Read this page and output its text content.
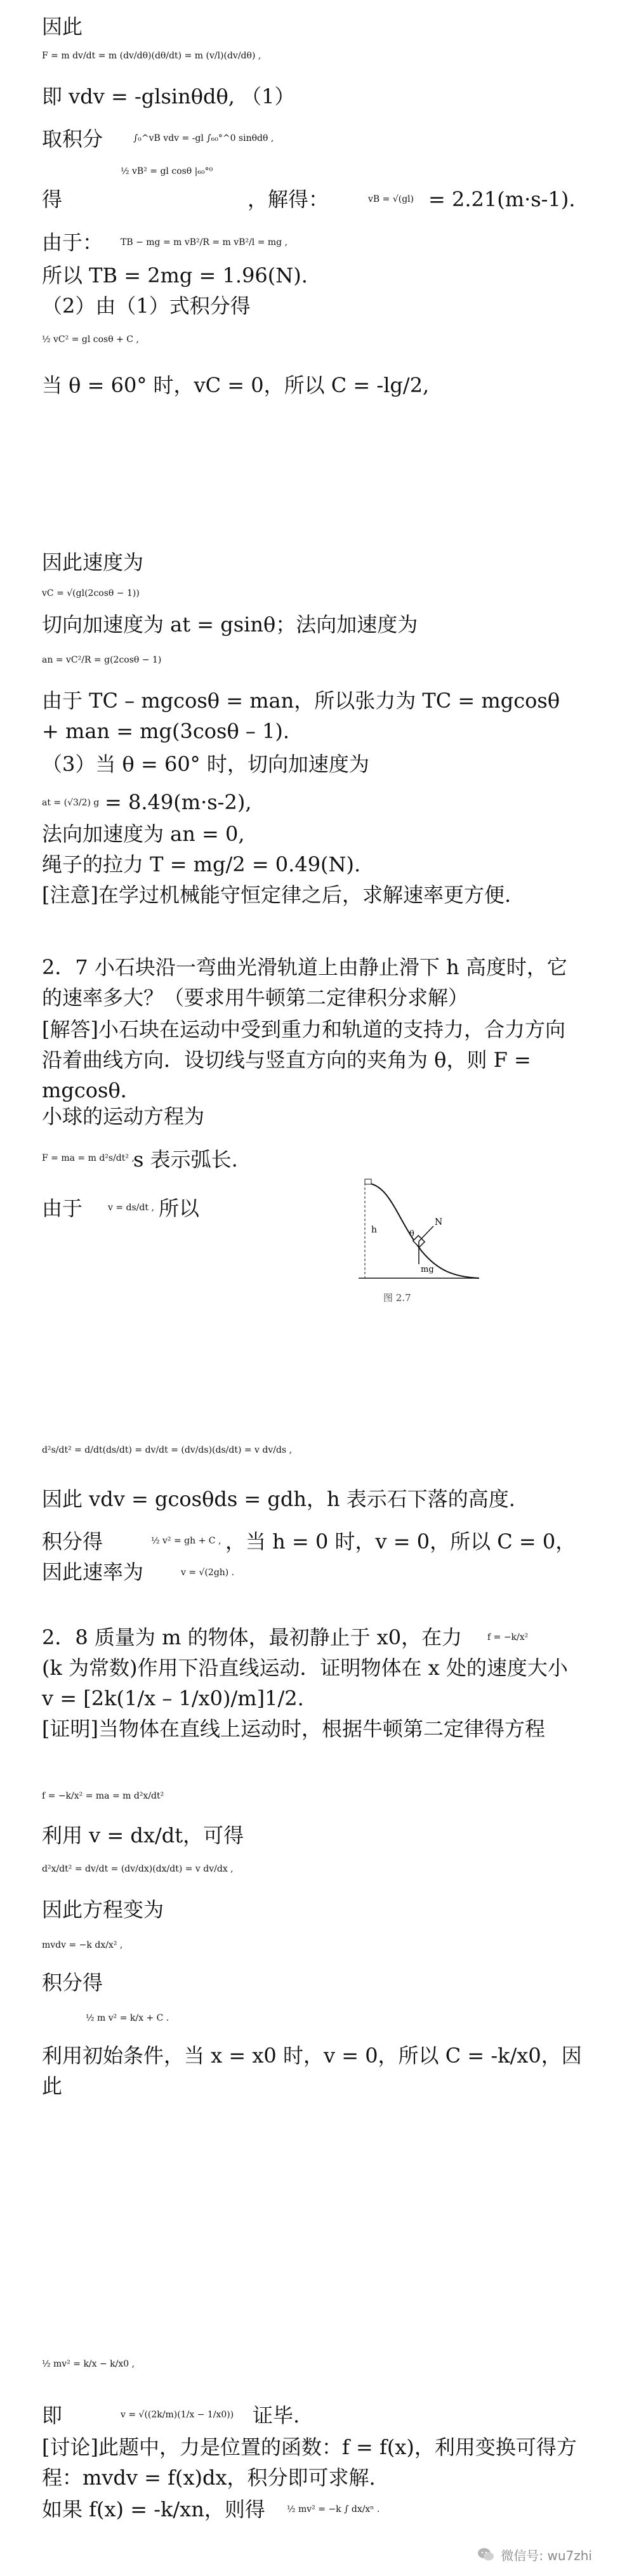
因此
F = m dv/dt = m (dv/dθ)(dθ/dt) = m (v/l)(dv/dθ) ,
即 vdv = -glsinθdθ, （1）
取积分	∫₀^vB vdv = -gl ∫₆₀°^0 sinθdθ ,
得
½ vB² = gl cosθ |₆₀°⁰
，解得：	vB = √(gl) = 2.21(m·s-1).
由于：	TB − mg = m vB²/R = m vB²/l = mg ,
所以 TB = 2mg = 1.96(N).
（2）由（1）式积分得
½ vC² = gl cosθ + C ,
当 θ = 60° 时，vC = 0，所以 C = -lg/2,
因此速度为
vC = √(gl(2cosθ − 1))
切向加速度为 at = gsinθ；法向加速度为
an = vC²/R = g(2cosθ − 1)
由于 TC – mgcosθ = man，所以张力为 TC = mgcosθ + man = mg(3cosθ – 1).
（3）当 θ = 60° 时，切向加速度为
at = (√3/2) g = 8.49(m·s-2),
法向加速度为 an = 0,
绳子的拉力 T = mg/2 = 0.49(N).
[注意]在学过机械能守恒定律之后，求解速率更方便.
2．7 小石块沿一弯曲光滑轨道上由静止滑下 h 高度时，它的速率多大？（要求用牛顿第二定律积分求解）
[解答]小石块在运动中受到重力和轨道的支持力，合力方向沿着曲线方向．设切线与竖直方向的夹角为 θ，则 F = mgcosθ．
小球的运动方程为
F = ma = m d²s/dt² ,
s 表示弧长.
由于	v = ds/dt , 所以
h
N
mg
θ
图 2.7
d²s/dt² = d/dt(ds/dt) = dv/dt = (dv/ds)(ds/dt) = v dv/ds ,
因此 vdv = gcosθds = gdh，h 表示石下落的高度.
积分得	½ v² = gh + C , ，当 h = 0 时，v = 0，所以 C = 0，
因此速率为	v = √(2gh) .
2．8 质量为 m 的物体，最初静止于 x0，在力	f = −k/x²
(k 为常数)作用下沿直线运动．证明物体在 x 处的速度大小 v = [2k(1/x – 1/x0)/m]1/2.
[证明]当物体在直线上运动时，根据牛顿第二定律得方程
f = −k/x² = ma = m d²x/dt²
利用 v = dx/dt，可得
d²x/dt² = dv/dt = (dv/dx)(dx/dt) = v dv/dx ,
因此方程变为
mvdv = −k dx/x² ,
积分得
½ m v² = k/x + C .
利用初始条件，当 x = x0 时，v = 0，所以 C = -k/x0，因此
½ mv² = k/x − k/x0 ,
即	v = √((2k/m)(1/x − 1/x0)) 证毕.
[讨论]此题中，力是位置的函数：f = f(x)，利用变换可得方程：mvdv = f(x)dx，积分即可求解.
如果 f(x) = -k/xn，则得	½ mv² = −k ∫ dx/xⁿ .
微信号: wu7zhi
